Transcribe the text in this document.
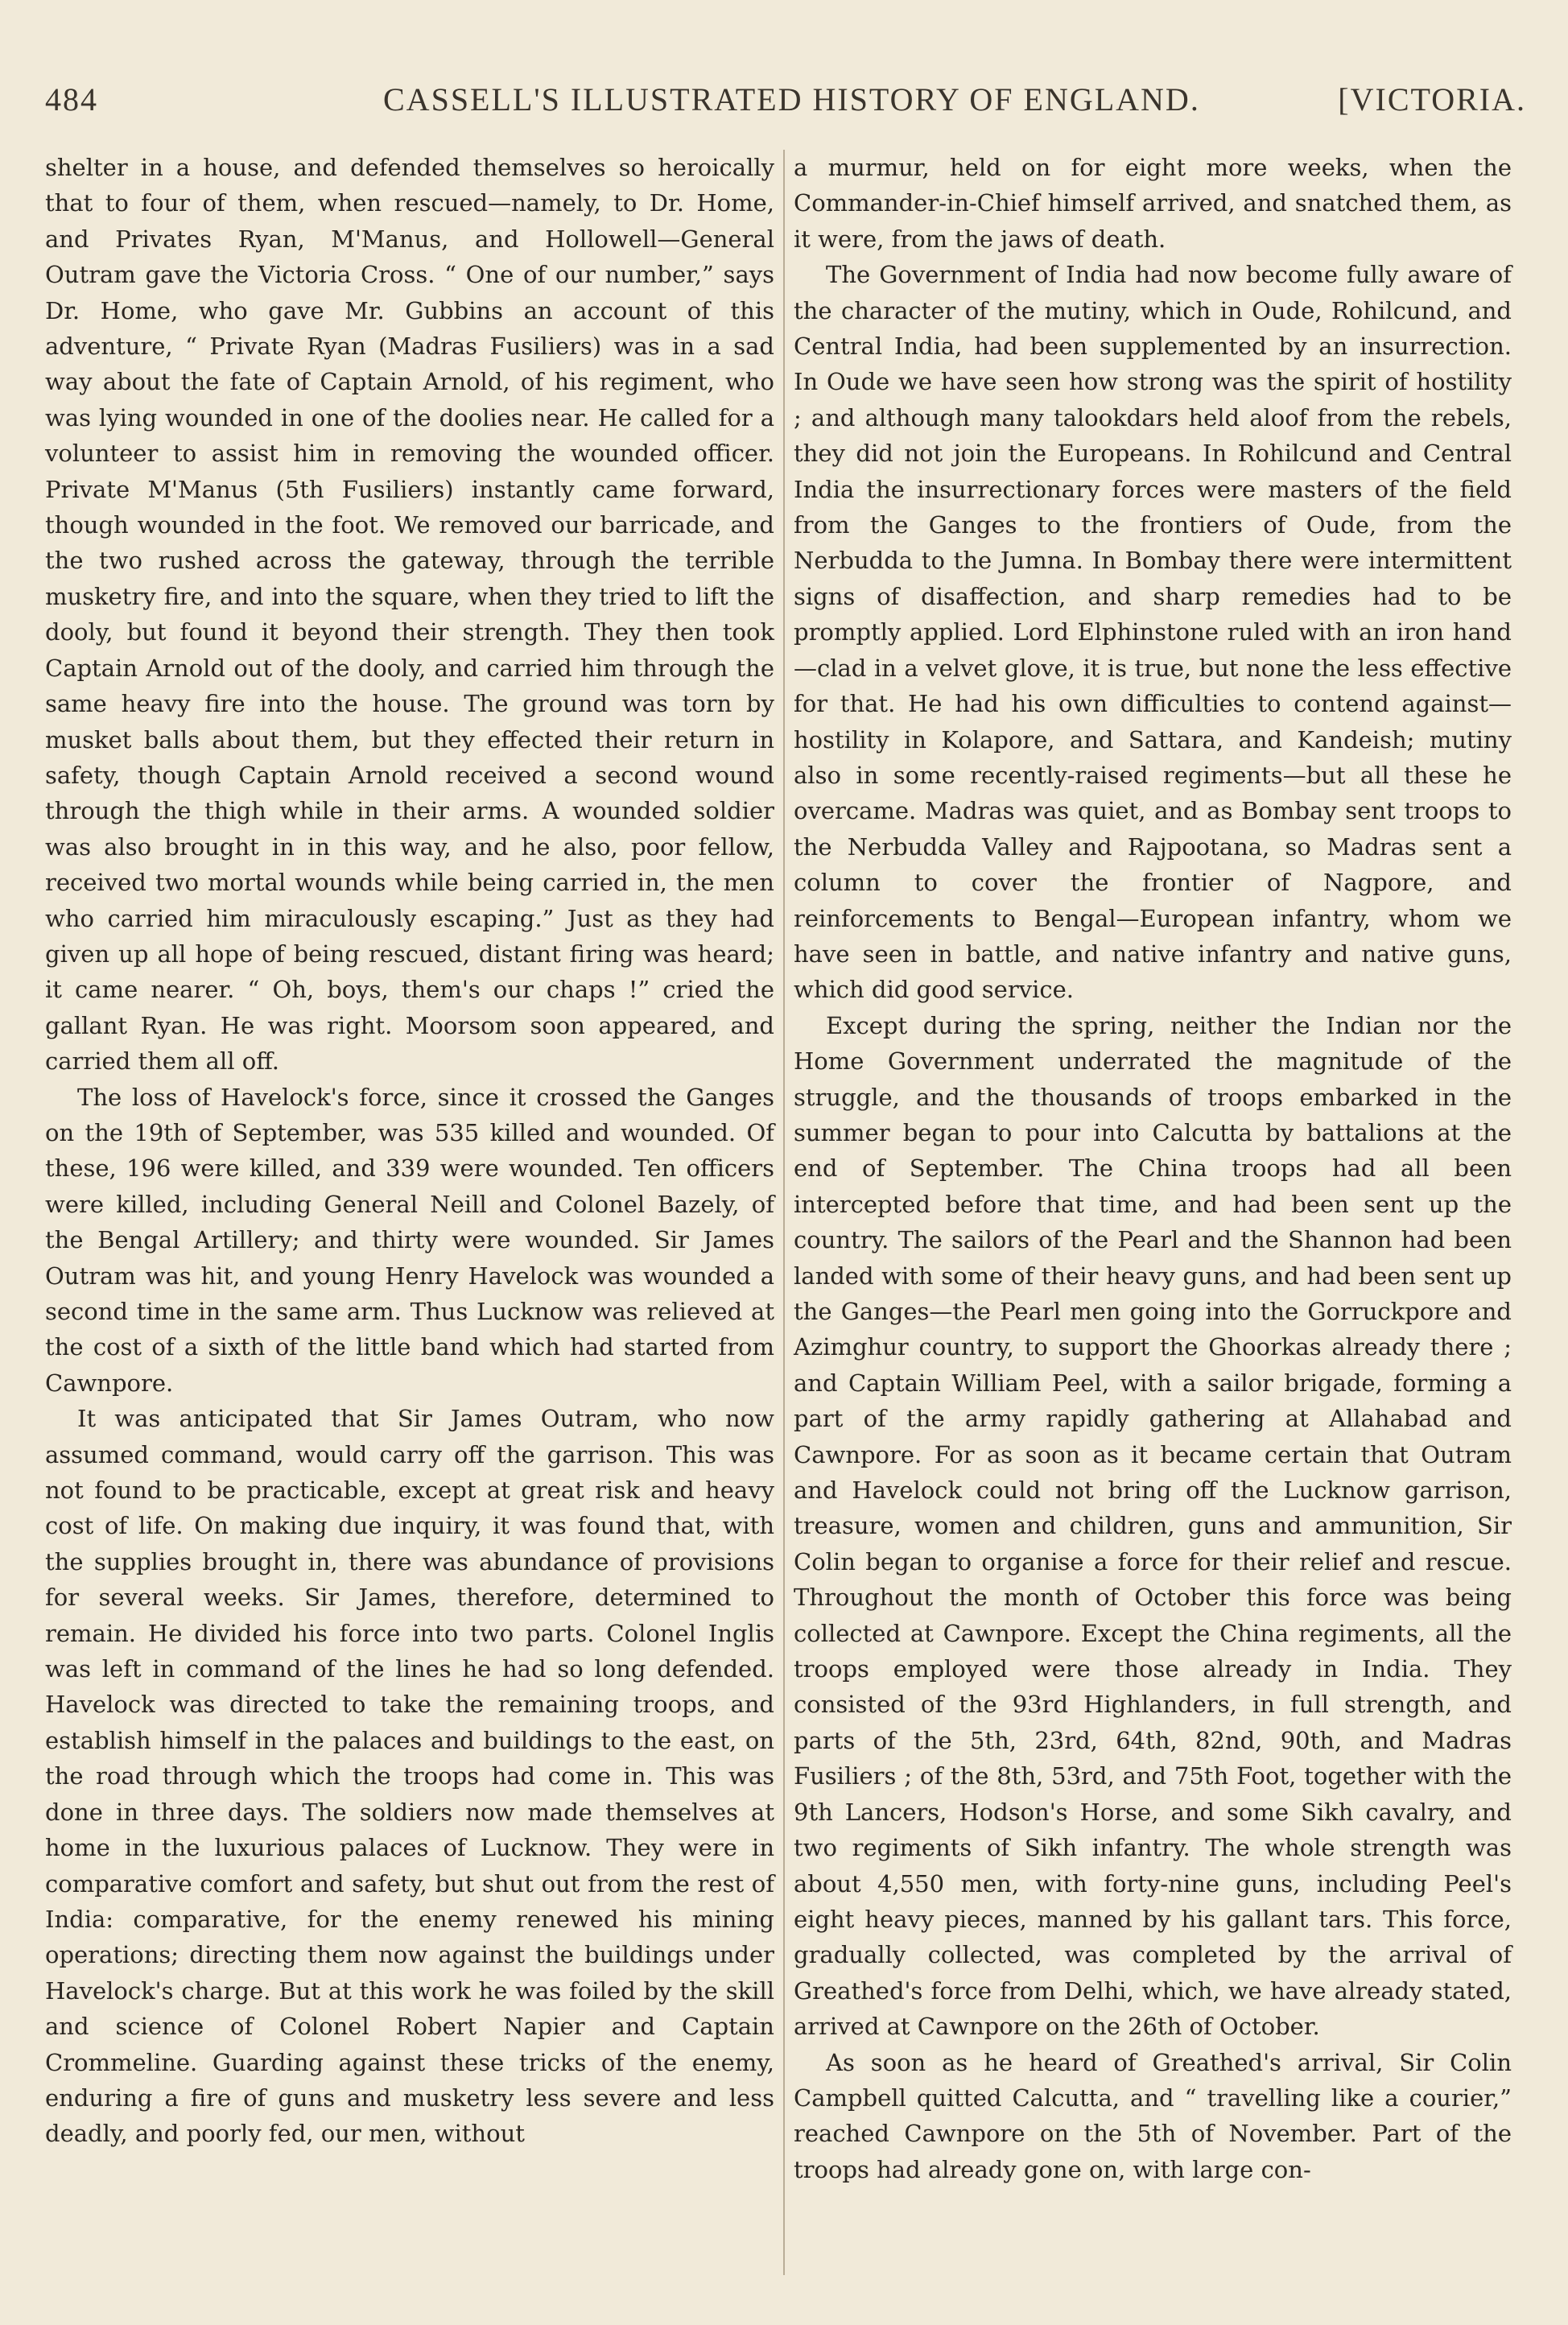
484	CASSELL'S ILLUSTRATED HISTORY OF ENGLAND.	[VICTORIA.

shelter in a house, and defended themselves so heroically that to four of them, when rescued—namely, to Dr. Home, and Privates Ryan, M'Manus, and Hollowell—General Outram gave the Victoria Cross. “ One of our number,” says Dr. Home, who gave Mr. Gubbins an account of this adventure, “ Private Ryan (Madras Fusiliers) was in a sad way about the fate of Captain Arnold, of his regiment, who was lying wounded in one of the doolies near. He called for a volunteer to assist him in removing the wounded officer. Private M'Manus (5th Fusiliers) instantly came forward, though wounded in the foot. We removed our barricade, and the two rushed across the gateway, through the terrible musketry fire, and into the square, when they tried to lift the dooly, but found it beyond their strength. They then took Captain Arnold out of the dooly, and carried him through the same heavy fire into the house. The ground was torn by musket balls about them, but they effected their return in safety, though Captain Arnold received a second wound through the thigh while in their arms. A wounded soldier was also brought in in this way, and he also, poor fellow, received two mortal wounds while being carried in, the men who carried him miraculously escaping.” Just as they had given up all hope of being rescued, distant firing was heard; it came nearer. “ Oh, boys, them's our chaps !” cried the gallant Ryan. He was right. Moorsom soon appeared, and carried them all off.

The loss of Havelock's force, since it crossed the Ganges on the 19th of September, was 535 killed and wounded. Of these, 196 were killed, and 339 were wounded. Ten officers were killed, including General Neill and Colonel Bazely, of the Bengal Artillery; and thirty were wounded. Sir James Outram was hit, and young Henry Havelock was wounded a second time in the same arm. Thus Lucknow was relieved at the cost of a sixth of the little band which had started from Cawnpore.

It was anticipated that Sir James Outram, who now assumed command, would carry off the garrison. This was not found to be practicable, except at great risk and heavy cost of life. On making due inquiry, it was found that, with the supplies brought in, there was abundance of provisions for several weeks. Sir James, therefore, determined to remain. He divided his force into two parts. Colonel Inglis was left in command of the lines he had so long defended. Havelock was directed to take the remaining troops, and establish himself in the palaces and buildings to the east, on the road through which the troops had come in. This was done in three days. The soldiers now made themselves at home in the luxurious palaces of Lucknow. They were in comparative comfort and safety, but shut out from the rest of India: comparative, for the enemy renewed his mining operations; directing them now against the buildings under Havelock's charge. But at this work he was foiled by the skill and science of Colonel Robert Napier and Captain Crommeline. Guarding against these tricks of the enemy, enduring a fire of guns and musketry less severe and less deadly, and poorly fed, our men, without

a murmur, held on for eight more weeks, when the Commander-in-Chief himself arrived, and snatched them, as it were, from the jaws of death.

The Government of India had now become fully aware of the character of the mutiny, which in Oude, Rohilcund, and Central India, had been supplemented by an insurrection. In Oude we have seen how strong was the spirit of hostility ; and although many talookdars held aloof from the rebels, they did not join the Europeans. In Rohilcund and Central India the insurrectionary forces were masters of the field from the Ganges to the frontiers of Oude, from the Nerbudda to the Jumna. In Bombay there were intermittent signs of disaffection, and sharp remedies had to be promptly applied. Lord Elphinstone ruled with an iron hand—clad in a velvet glove, it is true, but none the less effective for that. He had his own difficulties to contend against—hostility in Kolapore, and Sattara, and Kandeish; mutiny also in some recently-raised regiments—but all these he overcame. Madras was quiet, and as Bombay sent troops to the Nerbudda Valley and Rajpootana, so Madras sent a column to cover the frontier of Nagpore, and reinforcements to Bengal—European infantry, whom we have seen in battle, and native infantry and native guns, which did good service.

Except during the spring, neither the Indian nor the Home Government underrated the magnitude of the struggle, and the thousands of troops embarked in the summer began to pour into Calcutta by battalions at the end of September. The China troops had all been intercepted before that time, and had been sent up the country. The sailors of the Pearl and the Shannon had been landed with some of their heavy guns, and had been sent up the Ganges—the Pearl men going into the Gorruckpore and Azimghur country, to support the Ghoorkas already there ; and Captain William Peel, with a sailor brigade, forming a part of the army rapidly gathering at Allahabad and Cawnpore. For as soon as it became certain that Outram and Havelock could not bring off the Lucknow garrison, treasure, women and children, guns and ammunition, Sir Colin began to organise a force for their relief and rescue. Throughout the month of October this force was being collected at Cawnpore. Except the China regiments, all the troops employed were those already in India. They consisted of the 93rd Highlanders, in full strength, and parts of the 5th, 23rd, 64th, 82nd, 90th, and Madras Fusiliers ; of the 8th, 53rd, and 75th Foot, together with the 9th Lancers, Hodson's Horse, and some Sikh cavalry, and two regiments of Sikh infantry. The whole strength was about 4,550 men, with forty-nine guns, including Peel's eight heavy pieces, manned by his gallant tars. This force, gradually collected, was completed by the arrival of Greathed's force from Delhi, which, we have already stated, arrived at Cawnpore on the 26th of October.

As soon as he heard of Greathed's arrival, Sir Colin Campbell quitted Calcutta, and “ travelling like a courier,” reached Cawnpore on the 5th of November. Part of the troops had already gone on, with large con-
